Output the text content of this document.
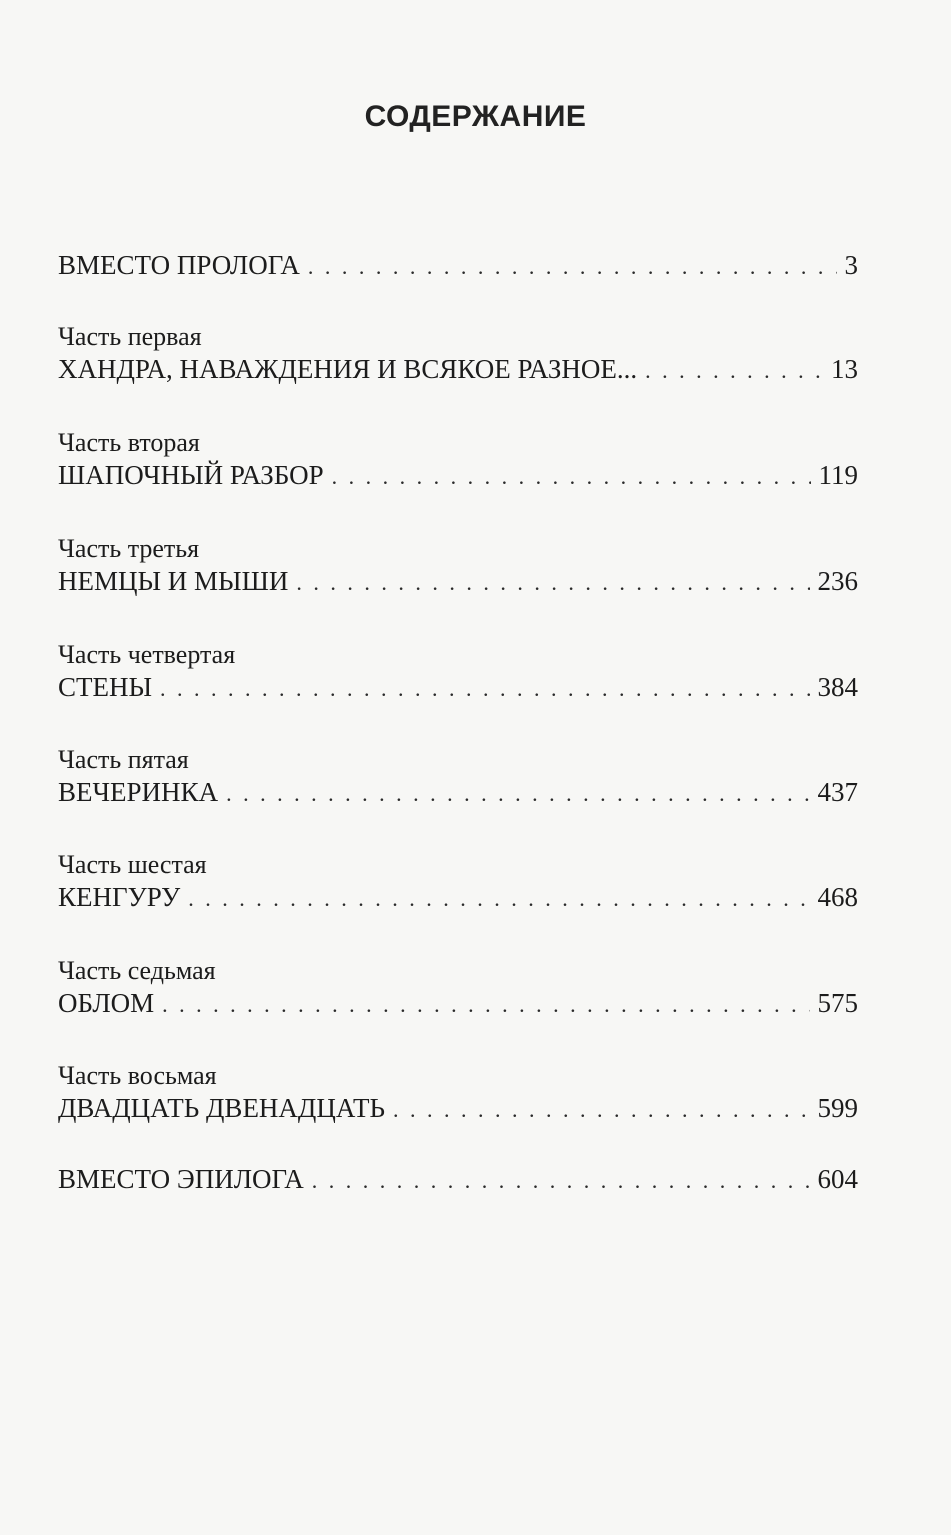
СОДЕРЖАНИЕ
ВМЕСТО ПРОЛОГА . . .	3
Часть первая
ХАНДРА, НАВАЖДЕНИЯ И ВСЯКОЕ РАЗНОЕ... . . .	13
Часть вторая
ШАПОЧНЫЙ РАЗБОР . . .	119
Часть третья
НЕМЦЫ И МЫШИ . . .	236
Часть четвертая
СТЕНЫ . . .	384
Часть пятая
ВЕЧЕРИНКА . . .	437
Часть шестая
КЕНГУРУ . . .	468
Часть седьмая
ОБЛОМ . . .	575
Часть восьмая
ДВАДЦАТЬ ДВЕНАДЦАТЬ . . .	599
ВМЕСТО ЭПИЛОГА . . .	604
